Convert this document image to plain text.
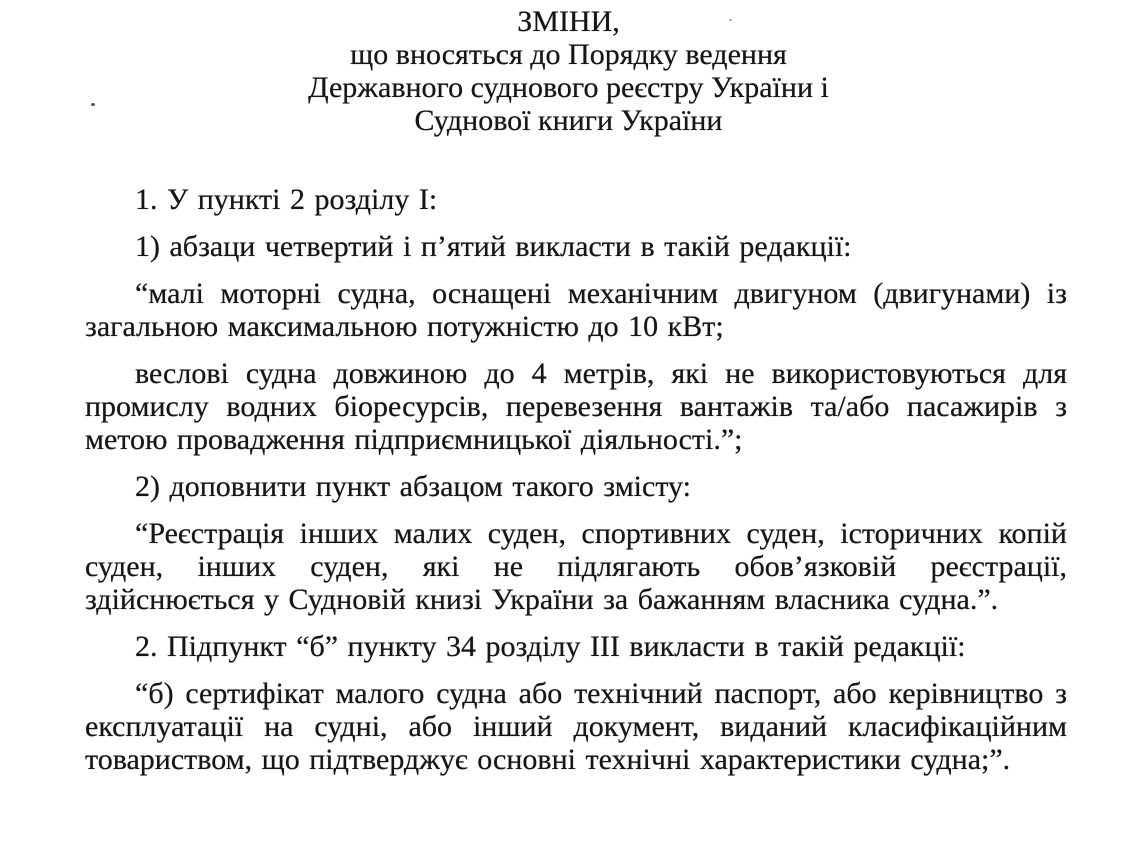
ЗМІНИ,
що вносяться до Порядку ведення
Державного суднового реєстру України і
Суднової книги України

1. У пункті 2 розділу І:

1) абзаци четвертий і п’ятий викласти в такій редакції:

“малі моторні судна, оснащені механічним двигуном (двигунами) із загальною максимальною потужністю до 10 кВт;

веслові судна довжиною до 4 метрів, які не використовуються для промислу водних біоресурсів, перевезення вантажів та/або пасажирів з метою провадження підприємницької діяльності.”;

2) доповнити пункт абзацом такого змісту:

“Реєстрація інших малих суден, спортивних суден, історичних копій суден, інших суден, які не підлягають обов’язковій реєстрації, здійснюється у Судновій книзі України за бажанням власника судна.”.

2. Підпункт “б” пункту 34 розділу ІІІ викласти в такій редакції:

“б) сертифікат малого судна або технічний паспорт, або керівництво з експлуатації на судні, або інший документ, виданий класифікаційним товариством, що підтверджує основні технічні характеристики судна;”.
